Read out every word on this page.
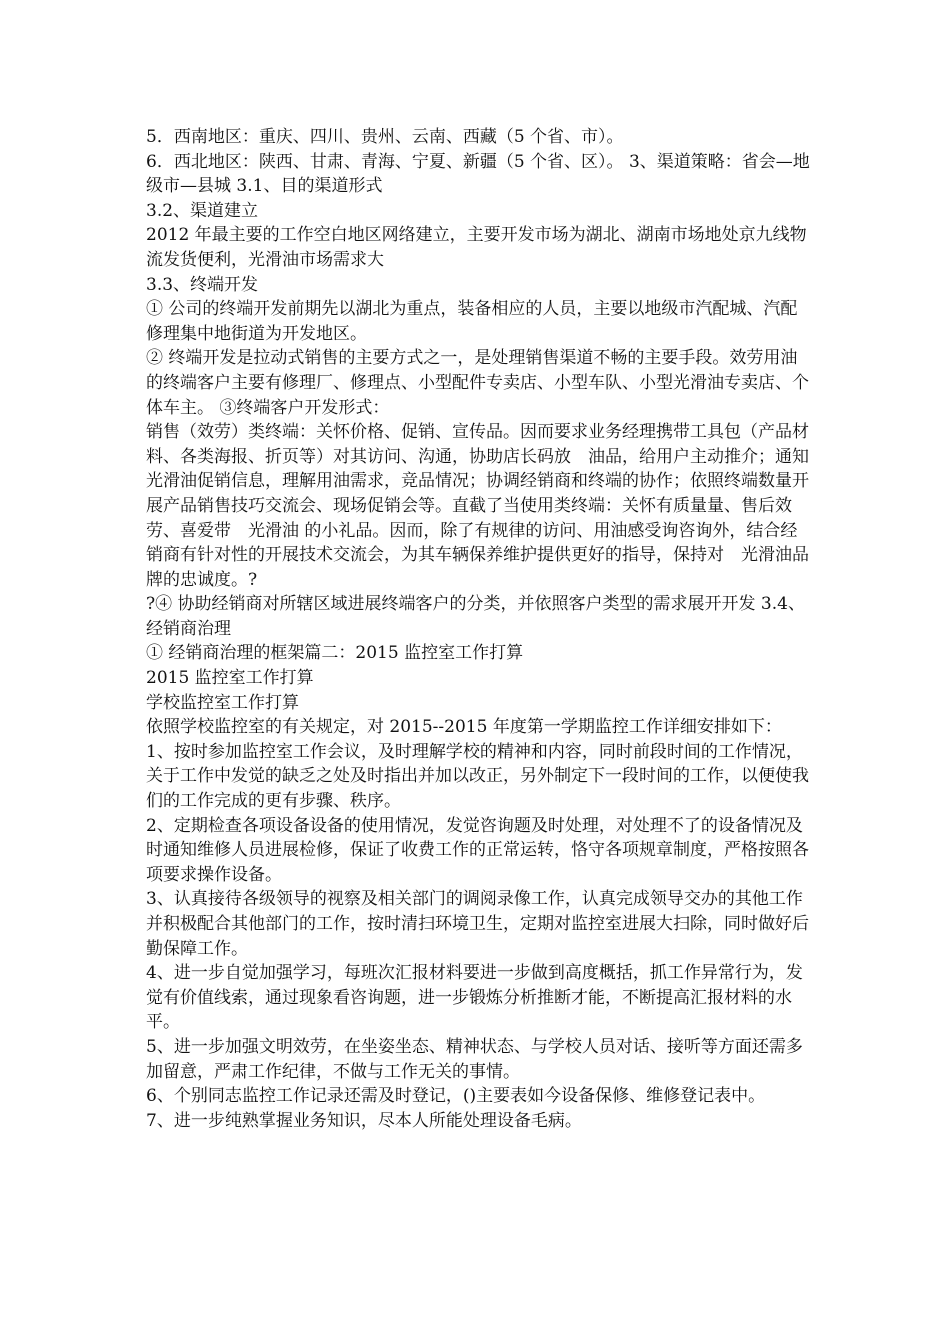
5．西南地区：重庆、四川、贵州、云南、西藏（5 个省、市）。

6．西北地区：陕西、甘肃、青海、宁夏、新疆（5 个省、区）。 3、渠道策略：省会—地级市—县城 3.1、目的渠道形式

3.2、渠道建立

2012 年最主要的工作空白地区网络建立，主要开发市场为湖北、湖南市场地处京九线物流发货便利，光滑油市场需求大

3.3、终端开发

① 公司的终端开发前期先以湖北为重点，装备相应的人员，主要以地级市汽配城、汽配修理集中地街道为开发地区。

② 终端开发是拉动式销售的主要方式之一，是处理销售渠道不畅的主要手段。效劳用油的终端客户主要有修理厂、修理点、小型配件专卖店、小型车队、小型光滑油专卖店、个体车主。 ③终端客户开发形式：

销售（效劳）类终端：关怀价格、促销、宣传品。因而要求业务经理携带工具包（产品材料、各类海报、折页等）对其访问、沟通，协助店长码放　油品，给用户主动推介；通知　光滑油促销信息，理解用油需求，竞品情况；协调经销商和终端的协作；依照终端数量开展产品销售技巧交流会、现场促销会等。直截了当使用类终端：关怀有质量量、售后效劳、喜爱带　光滑油 的小礼品。因而，除了有规律的访问、用油感受询咨询外，结合经销商有针对性的开展技术交流会，为其车辆保养维护提供更好的指导，保持对　光滑油品牌的忠诚度。?

?④ 协助经销商对所辖区域进展终端客户的分类，并依照客户类型的需求展开开发 3.4、经销商治理

① 经销商治理的框架篇二：2015 监控室工作打算

2015 监控室工作打算

学校监控室工作打算

依照学校监控室的有关规定，对 2015--2015 年度第一学期监控工作详细安排如下：

1、按时参加监控室工作会议，及时理解学校的精神和内容，同时前段时间的工作情况，关于工作中发觉的缺乏之处及时指出并加以改正，另外制定下一段时间的工作，以便使我们的工作完成的更有步骤、秩序。

2、定期检查各项设备设备的使用情况，发觉咨询题及时处理，对处理不了的设备情况及时通知维修人员进展检修，保证了收费工作的正常运转，恪守各项规章制度，严格按照各项要求操作设备。

3、认真接待各级领导的视察及相关部门的调阅录像工作，认真完成领导交办的其他工作并积极配合其他部门的工作，按时清扫环境卫生，定期对监控室进展大扫除，同时做好后勤保障工作。

4、进一步自觉加强学习，每班次汇报材料要进一步做到高度概括，抓工作异常行为，发觉有价值线索，通过现象看咨询题，进一步锻炼分析推断才能，不断提高汇报材料的水平。

5、进一步加强文明效劳，在坐姿坐态、精神状态、与学校人员对话、接听等方面还需多加留意，严肃工作纪律，不做与工作无关的事情。

6、个别同志监控工作记录还需及时登记，()主要表如今设备保修、维修登记表中。

7、进一步纯熟掌握业务知识，尽本人所能处理设备毛病。
